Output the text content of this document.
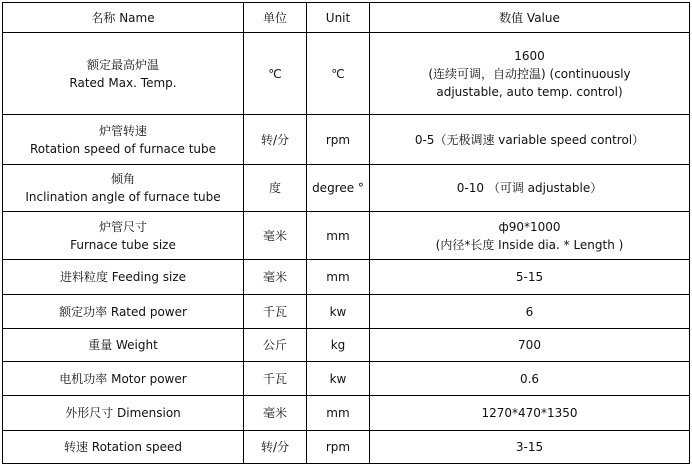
名称 Name	单位	Unit	数值 Value

额定最高炉温
Rated Max. Temp.	℃	℃	1600
(连续可调，自动控温) (continuously
adjustable, auto temp. control)

炉管转速
Rotation speed of furnace tube	转/分	rpm	0-5（无极调速 variable speed control）

倾角
Inclination angle of furnace tube	度	degree °	0-10 （可调 adjustable）

炉管尺寸
Furnace tube size	毫米	mm	ф90*1000
(内径*长度 Inside dia. * Length )

进料粒度 Feeding size	毫米	mm	5-15

额定功率 Rated power	千瓦	kw	6

重量 Weight	公斤	kg	700

电机功率 Motor power	千瓦	kw	0.6

外形尺寸 Dimension	毫米	mm	1270*470*1350

转速 Rotation speed	转/分	rpm	3-15
